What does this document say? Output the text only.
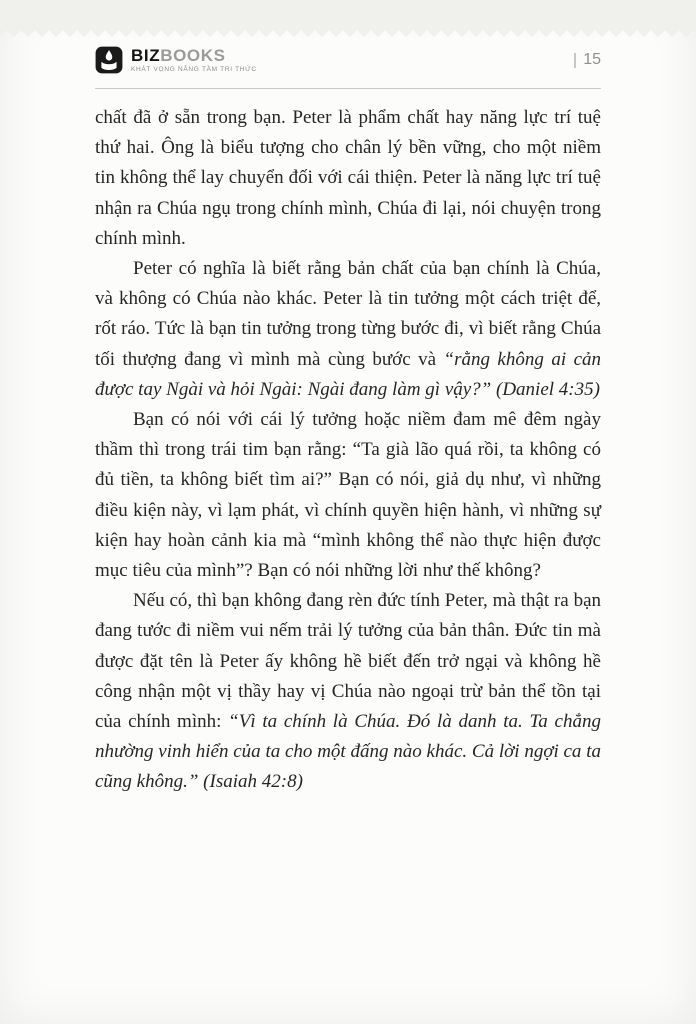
BIZBOOKS
KHÁT VỌNG NÂNG TẦM TRI THỨC
15

chất đã ở sẵn trong bạn. Peter là phẩm chất hay năng lực trí tuệ thứ hai. Ông là biểu tượng cho chân lý bền vững, cho một niềm tin không thể lay chuyển đối với cái thiện. Peter là năng lực trí tuệ nhận ra Chúa ngụ trong chính mình, Chúa đi lại, nói chuyện trong chính mình.

Peter có nghĩa là biết rằng bản chất của bạn chính là Chúa, và không có Chúa nào khác. Peter là tin tưởng một cách triệt để, rốt ráo. Tức là bạn tin tưởng trong từng bước đi, vì biết rằng Chúa tối thượng đang vì mình mà cùng bước và “rằng không ai cản được tay Ngài và hỏi Ngài: Ngài đang làm gì vậy?” (Daniel 4:35)

Bạn có nói với cái lý tưởng hoặc niềm đam mê đêm ngày thầm thì trong trái tim bạn rằng: “Ta già lão quá rồi, ta không có đủ tiền, ta không biết tìm ai?” Bạn có nói, giả dụ như, vì những điều kiện này, vì lạm phát, vì chính quyền hiện hành, vì những sự kiện hay hoàn cảnh kia mà “mình không thể nào thực hiện được mục tiêu của mình”? Bạn có nói những lời như thế không?

Nếu có, thì bạn không đang rèn đức tính Peter, mà thật ra bạn đang tước đi niềm vui nếm trải lý tưởng của bản thân. Đức tin mà được đặt tên là Peter ấy không hề biết đến trở ngại và không hề công nhận một vị thầy hay vị Chúa nào ngoại trừ bản thể tồn tại của chính mình: “Vì ta chính là Chúa. Đó là danh ta. Ta chẳng nhường vinh hiển của ta cho một đấng nào khác. Cả lời ngợi ca ta cũng không.” (Isaiah 42:8)
